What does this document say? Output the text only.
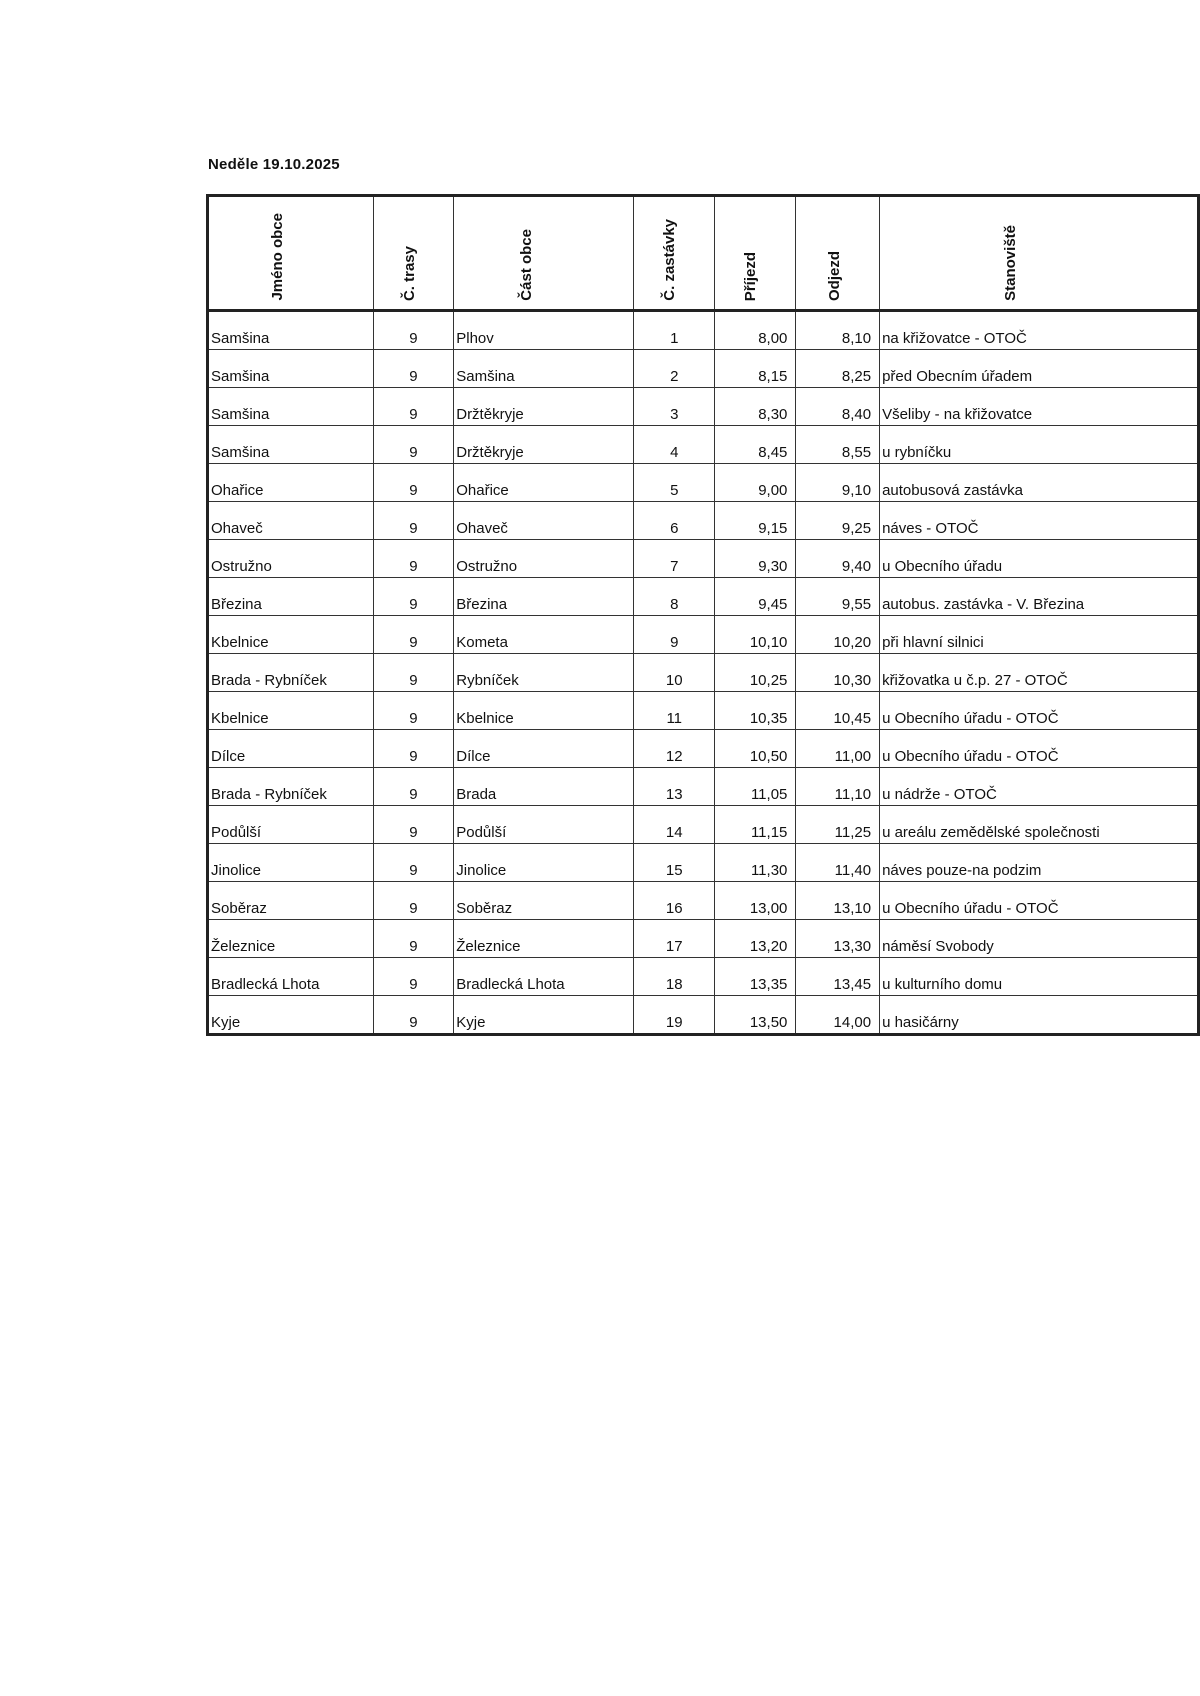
Neděle 19.10.2025
Jméno obce	Č. trasy	Část obce	Č. zastávky	Příjezd	Odjezd	Stanoviště
Samšina	9	Plhov	1	8,00	8,10	na křižovatce - OTOČ
Samšina	9	Samšina	2	8,15	8,25	před Obecním úřadem
Samšina	9	Držtěkryje	3	8,30	8,40	Všeliby - na křižovatce
Samšina	9	Držtěkryje	4	8,45	8,55	u rybníčku
Ohařice	9	Ohařice	5	9,00	9,10	autobusová zastávka
Ohaveč	9	Ohaveč	6	9,15	9,25	náves - OTOČ
Ostružno	9	Ostružno	7	9,30	9,40	u Obecního úřadu
Březina	9	Březina	8	9,45	9,55	autobus. zastávka - V. Březina
Kbelnice	9	Kometa	9	10,10	10,20	při hlavní silnici
Brada - Rybníček	9	Rybníček	10	10,25	10,30	křižovatka u č.p. 27 - OTOČ
Kbelnice	9	Kbelnice	11	10,35	10,45	u Obecního úřadu - OTOČ
Dílce	9	Dílce	12	10,50	11,00	u Obecního úřadu - OTOČ
Brada - Rybníček	9	Brada	13	11,05	11,10	u nádrže - OTOČ
Podůlší	9	Podůlší	14	11,15	11,25	u areálu zemědělské společnosti
Jinolice	9	Jinolice	15	11,30	11,40	náves pouze-na podzim
Soběraz	9	Soběraz	16	13,00	13,10	u Obecního úřadu - OTOČ
Železnice	9	Železnice	17	13,20	13,30	náměsí Svobody
Bradlecká Lhota	9	Bradlecká Lhota	18	13,35	13,45	u kulturního domu
Kyje	9	Kyje	19	13,50	14,00	u hasičárny
